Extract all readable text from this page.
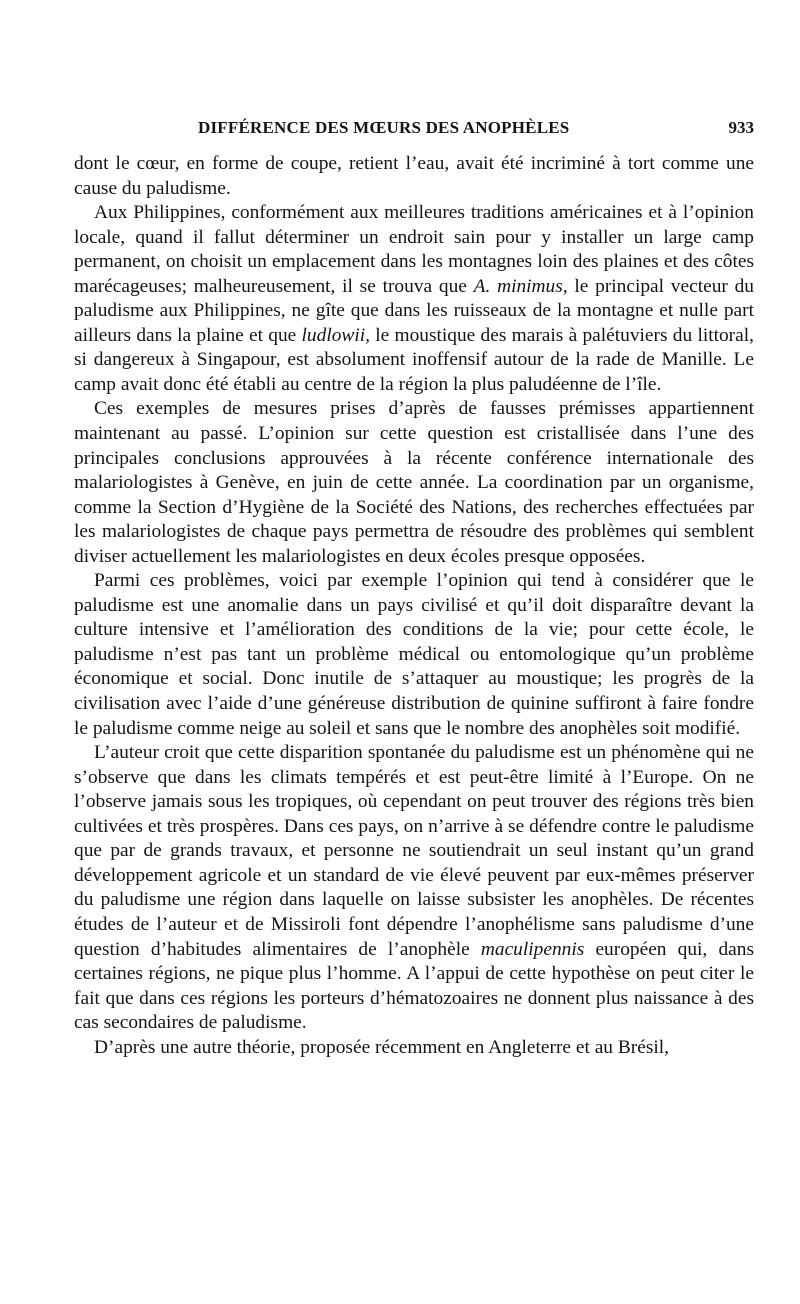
DIFFÉRENCE DES MŒURS DES ANOPHÈLES	933

dont le cœur, en forme de coupe, retient l’eau, avait été incriminé à tort comme une cause du paludisme.

Aux Philippines, conformément aux meilleures traditions américaines et à l’opinion locale, quand il fallut déterminer un endroit sain pour y installer un large camp permanent, on choisit un emplacement dans les montagnes loin des plaines et des côtes marécageuses; malheureusement, il se trouva que A. minimus, le principal vecteur du paludisme aux Philippines, ne gîte que dans les ruisseaux de la montagne et nulle part ailleurs dans la plaine et que ludlowii, le moustique des marais à palétuviers du littoral, si dangereux à Singapour, est absolument inoffensif autour de la rade de Manille. Le camp avait donc été établi au centre de la région la plus paludéenne de l’île.

Ces exemples de mesures prises d’après de fausses prémisses appartiennent maintenant au passé. L’opinion sur cette question est cristallisée dans l’une des principales conclusions approuvées à la récente conférence internationale des malariologistes à Genève, en juin de cette année. La coordination par un organisme, comme la Section d’Hygiène de la Société des Nations, des recherches effectuées par les malariologistes de chaque pays permettra de résoudre des problèmes qui semblent diviser actuellement les malariologistes en deux écoles presque opposées.

Parmi ces problèmes, voici par exemple l’opinion qui tend à considérer que le paludisme est une anomalie dans un pays civilisé et qu’il doit disparaître devant la culture intensive et l’amélioration des conditions de la vie; pour cette école, le paludisme n’est pas tant un problème médical ou entomologique qu’un problème économique et social. Donc inutile de s’attaquer au moustique; les progrès de la civilisation avec l’aide d’une généreuse distribution de quinine suffiront à faire fondre le paludisme comme neige au soleil et sans que le nombre des anophèles soit modifié.

L’auteur croit que cette disparition spontanée du paludisme est un phénomène qui ne s’observe que dans les climats tempérés et est peut-être limité à l’Europe. On ne l’observe jamais sous les tropiques, où cependant on peut trouver des régions très bien cultivées et très prospères. Dans ces pays, on n’arrive à se défendre contre le paludisme que par de grands travaux, et personne ne soutiendrait un seul instant qu’un grand développement agricole et un standard de vie élevé peuvent par eux-mêmes préserver du paludisme une région dans laquelle on laisse subsister les anophèles. De récentes études de l’auteur et de Missiroli font dépendre l’anophélisme sans paludisme d’une question d’habitudes alimentaires de l’anophèle maculipennis européen qui, dans certaines régions, ne pique plus l’homme. A l’appui de cette hypothèse on peut citer le fait que dans ces régions les porteurs d’hématozoaires ne donnent plus naissance à des cas secondaires de paludisme.

D’après une autre théorie, proposée récemment en Angleterre et au Brésil,
